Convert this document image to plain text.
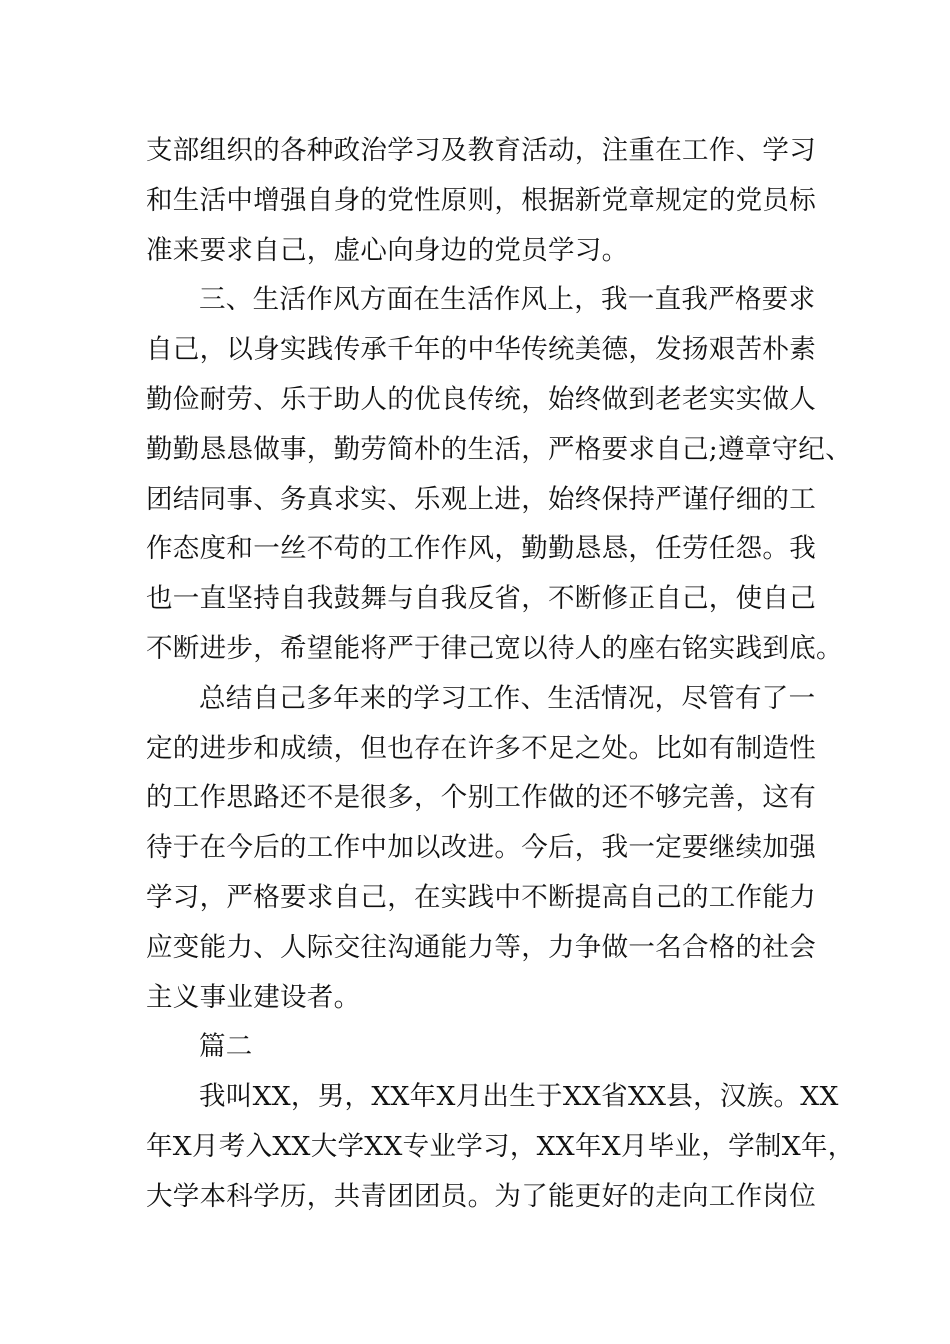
支部组织的各种政治学习及教育活动，注重在工作、学习
和生活中增强自身的党性原则，根据新党章规定的党员标
准来要求自己，虚心向身边的党员学习。
三、生活作风方面在生活作风上，我一直我严格要求
自己，以身实践传承千年的中华传统美德，发扬艰苦朴素
勤俭耐劳、乐于助人的优良传统，始终做到老老实实做人
勤勤恳恳做事，勤劳简朴的生活，严格要求自己;遵章守纪、
团结同事、务真求实、乐观上进，始终保持严谨仔细的工
作态度和一丝不苟的工作作风，勤勤恳恳，任劳任怨。我
也一直坚持自我鼓舞与自我反省，不断修正自己，使自己
不断进步，希望能将严于律己宽以待人的座右铭实践到底。
总结自己多年来的学习工作、生活情况，尽管有了一
定的进步和成绩，但也存在许多不足之处。比如有制造性
的工作思路还不是很多，个别工作做的还不够完善，这有
待于在今后的工作中加以改进。今后，我一定要继续加强
学习，严格要求自己，在实践中不断提高自己的工作能力
应变能力、人际交往沟通能力等，力争做一名合格的社会
主义事业建设者。
篇二
我叫XX，男，XX年X月出生于XX省XX县，汉族。XX
年X月考入XX大学XX专业学习，XX年X月毕业，学制X年，
大学本科学历，共青团团员。为了能更好的走向工作岗位
